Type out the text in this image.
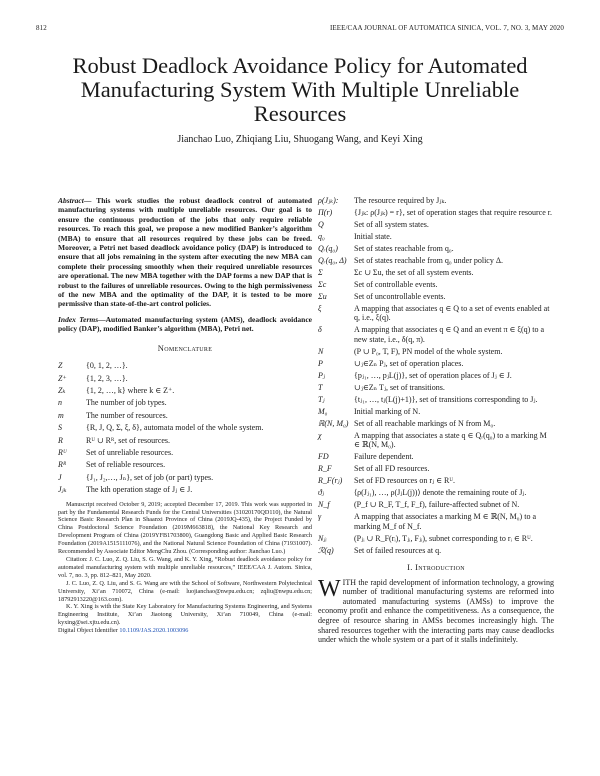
812	IEEE/CAA JOURNAL OF AUTOMATICA SINICA, VOL. 7, NO. 3, MAY 2020
Robust Deadlock Avoidance Policy for Automated Manufacturing System With Multiple Unreliable Resources
Jianchao Luo, Zhiqiang Liu, Shuogang Wang, and Keyi Xing

Abstract— This work studies the robust deadlock control of automated manufacturing systems with multiple unreliable resources. Our goal is to ensure the continuous production of the jobs that only require reliable resources. To reach this goal, we propose a new modified Banker’s algorithm (MBA) to ensure that all resources required by these jobs can be freed. Moreover, a Petri net based deadlock avoidance policy (DAP) is introduced to ensure that all jobs remaining in the system after executing the new MBA can complete their processing smoothly when their required unreliable resources are operational. The new MBA together with the DAP forms a new DAP that is robust to the failures of unreliable resources. Owing to the high permissiveness of the new MBA and the optimality of the DAP, it is tested to be more permissive than state-of-the-art control policies.

Index Terms—Automated manufacturing system (AMS), deadlock avoidance policy (DAP), modified Banker’s algorithm (MBA), Petri net.

Nomenclature
Z	{0, 1, 2, …}.
Z⁺	{1, 2, 3, …}.
Zₖ	{1, 2, …, k} where k ∈ Z⁺.
n	The number of job types.
m	The number of resources.
S	{R, J, Q, Σ, ξ, δ}, automata model of the whole system.
R	Rᵁ ∪ Rᴿ, set of resources.
Rᵁ	Set of unreliable resources.
Rᴿ	Set of reliable resources.
J	{J₁, J₂,…, Jₙ}, set of job (or part) types.
Jⱼₖ	The kth operation stage of Jⱼ ∈ J.

Manuscript received October 9, 2019; accepted December 17, 2019. This work was supported in part by the Fundamental Research Funds for the Central Universities (31020170QD110), the Natural Science Basic Research Plan in Shaanxi Province of China (2019JQ-435), the Project Funded by China Postdoctoral Science Foundation (2019M663818), the National Key Research and Development Program of China (2019YFB1703800), Guangdong Basic and Applied Basic Research Foundation (2019A1515111076), and the National Natural Science Foundation of China (71931007). Recommended by Associate Editor MengChu Zhou. (Corresponding author: Jianchao Luo.)

Citation: J. C. Luo, Z. Q. Liu, S. G. Wang, and K. Y. Xing, “Robust deadlock avoidance policy for automated manufacturing system with multiple unreliable resources,” IEEE/CAA J. Autom. Sinica, vol. 7, no. 3, pp. 812–821, May 2020.

J. C. Luo, Z. Q. Liu, and S. G. Wang are with the School of Software, Northwestern Polytechnical University, Xi’an 710072, China (e-mail: luojianchao@nwpu.edu.cn; zqliu@nwpu.edu.cn; 18792913220@163.com).

K. Y. Xing is with the State Key Laboratory for Manufacturing Systems Engineering, and Systems Engineering Institute, Xi’an Jiaotong University, Xi’an 710049, China (e-mail: kyxing@sei.xjtu.edu.cn).

Digital Object Identifier 10.1109/JAS.2020.1003096

ρ(Jⱼₖ):	The resource required by Jⱼₖ.
Π(r)	{Jⱼₖ: ρ(Jⱼₖ) = r}, set of operation stages that require resource r.
Q	Set of all system states.
q₀	Initial state.
Qᵣ(q₀)	Set of states reachable from q₀.
Qᵣ(q₀, Δ) Set of states reachable from q₀ under policy Δ.
Σ	Σc ∪ Σu, the set of all system events.
Σc	Set of controllable events.
Σu	Set of uncontrollable events.
ξ	A mapping that associates q ∈ Q to a set of events enabled at q, i.e., ξ(q).
δ	A mapping that associates q ∈ Q and an event π ∈ ξ(q) to a new state, i.e., δ(q, π).
N	(P ∪ P₀, T, F), PN model of the whole system.
P	∪ⱼ∈Zₙ Pⱼ, set of operation places.
Pⱼ	{pⱼ₁, …, pⱼL(j)}, set of operation places of Jⱼ ∈ J.
T	∪ⱼ∈Zₙ Tⱼ, set of transitions.
Tⱼ	{tⱼ₁, …, tⱼ(L(j)+1)}, set of transitions corresponding to Jⱼ.
M₀	Initial marking of N.
ℝ(N, M₀) Set of all reachable markings of N from M₀.
χ	A mapping that associates a state q ∈ Qᵣ(q₀) to a marking M ∈ ℝ(N, M₀).
FD	Failure dependent.
R_F	Set of all FD resources.
R_F(rⱼ)	Set of FD resources on rⱼ ∈ Rᵁ.
ϑⱼ	⟨ρ(Jⱼ₁), …, ρ(JⱼL(j))⟩ denote the remaining route of Jⱼ.
N_f	(P_f ∪ R_F, T_f, F_f), failure-affected subnet of N.
γ	A mapping that associates a marking M ∈ ℝ(N, M₀) to a marking M_f of N_f.
Nⱼᵢ	(Pⱼᵢ ∪ R_F(rᵢ), Tⱼᵢ, Fⱼᵢ), subnet corresponding to rᵢ ∈ Rᵁ.
ℛ(q)	Set of failed resources at q.
I. Introduction

WITH the rapid development of information technology, a growing number of traditional manufacturing systems are reformed into automated manufacturing systems (AMSs) to improve the economy profit and enhance the competitiveness. As a consequence, the degree of resource sharing in AMSs becomes increasingly high. The shared resources together with the interacting parts may cause deadlocks under which the whole system or a part of it stalls indefinitely.
